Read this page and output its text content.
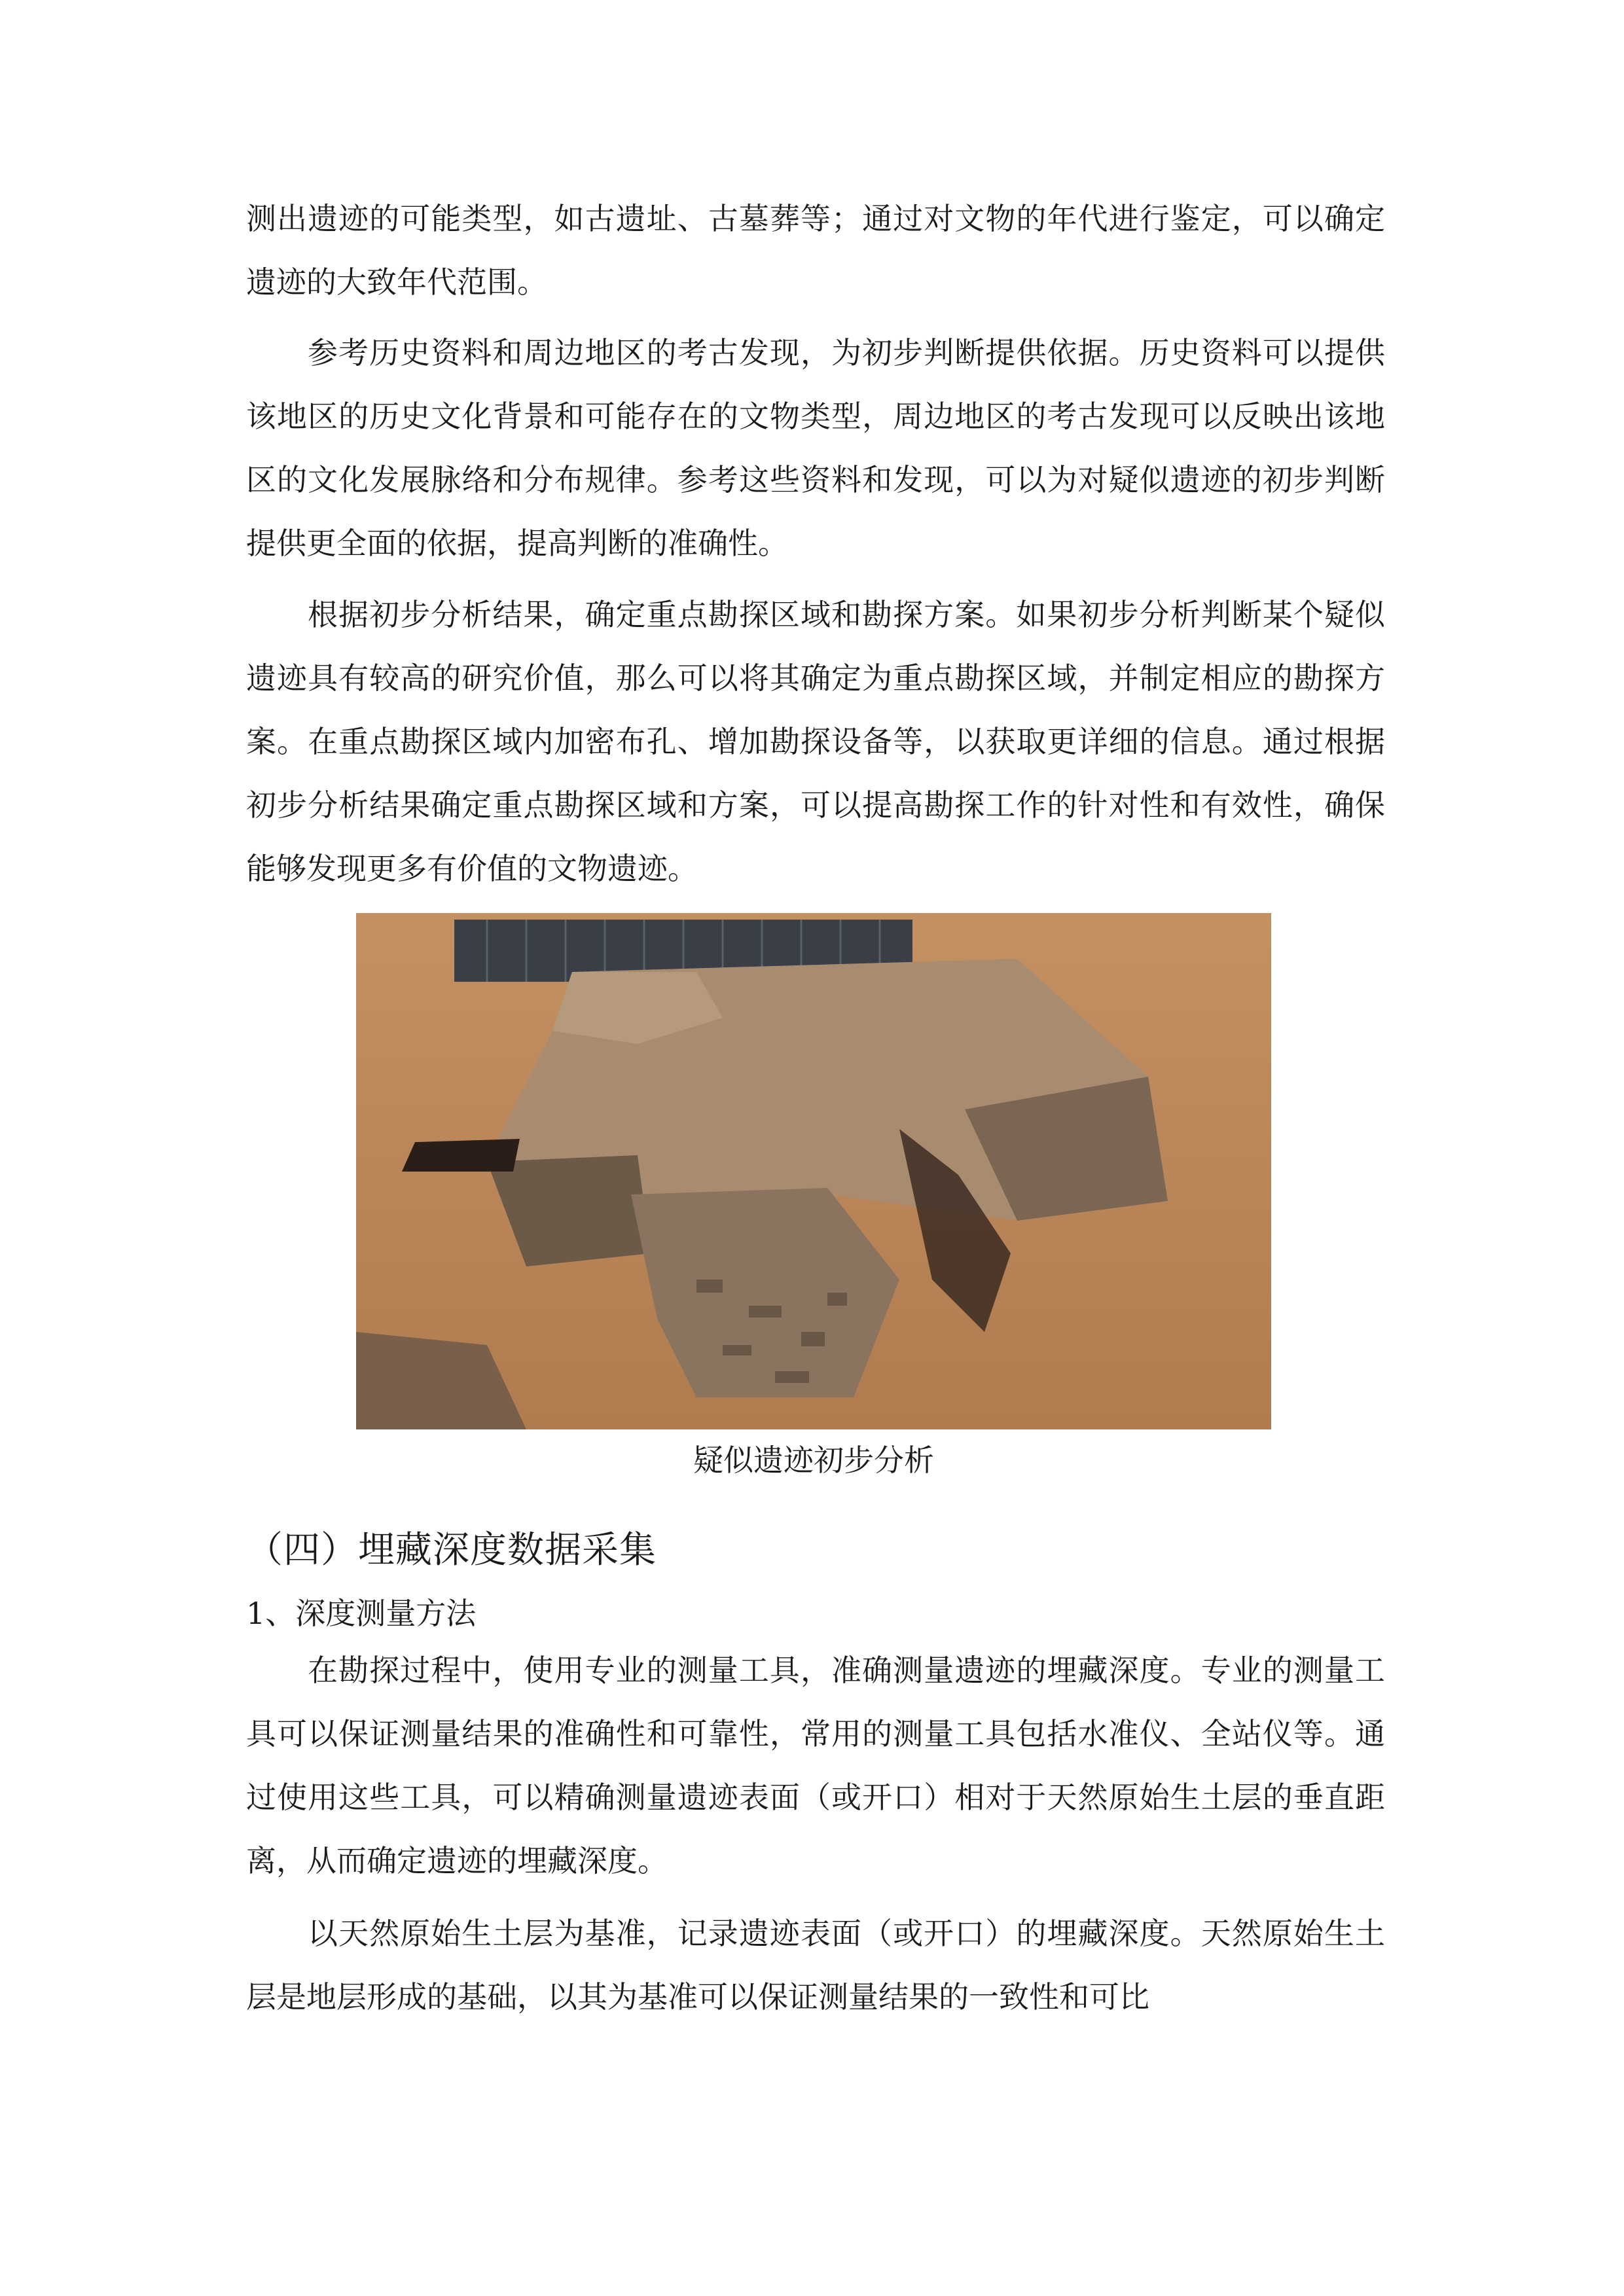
测出遗迹的可能类型，如古遗址、古墓葬等；通过对文物的年代进行鉴定，可以确定遗迹的大致年代范围。

参考历史资料和周边地区的考古发现，为初步判断提供依据。历史资料可以提供该地区的历史文化背景和可能存在的文物类型，周边地区的考古发现可以反映出该地区的文化发展脉络和分布规律。参考这些资料和发现，可以为对疑似遗迹的初步判断提供更全面的依据，提高判断的准确性。

根据初步分析结果，确定重点勘探区域和勘探方案。如果初步分析判断某个疑似遗迹具有较高的研究价值，那么可以将其确定为重点勘探区域，并制定相应的勘探方案。在重点勘探区域内加密布孔、增加勘探设备等，以获取更详细的信息。通过根据初步分析结果确定重点勘探区域和方案，可以提高勘探工作的针对性和有效性，确保能够发现更多有价值的文物遗迹。

疑似遗迹初步分析
（四）埋藏深度数据采集
1、深度测量方法

在勘探过程中，使用专业的测量工具，准确测量遗迹的埋藏深度。专业的测量工具可以保证测量结果的准确性和可靠性，常用的测量工具包括水准仪、全站仪等。通过使用这些工具，可以精确测量遗迹表面（或开口）相对于天然原始生土层的垂直距离，从而确定遗迹的埋藏深度。

以天然原始生土层为基准，记录遗迹表面（或开口）的埋藏深度。天然原始生土层是地层形成的基础，以其为基准可以保证测量结果的一致性和可比
